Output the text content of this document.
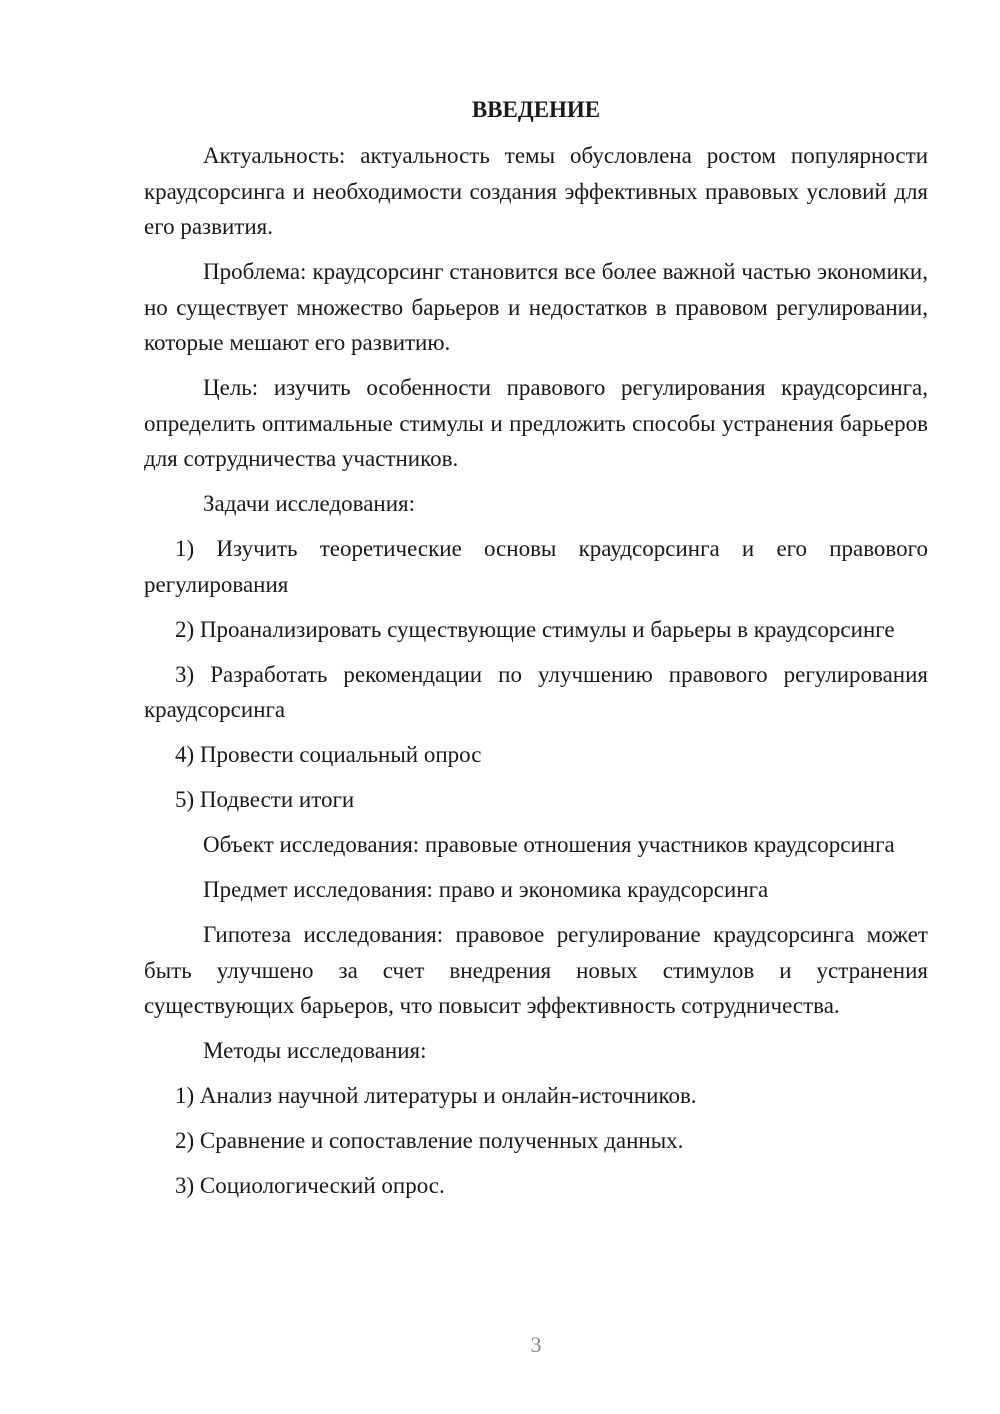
ВВЕДЕНИЕ

Актуальность: актуальность темы обусловлена ростом популярности краудсорсинга и необходимости создания эффективных правовых условий для его развития.

Проблема: краудсорсинг становится все более важной частью экономики, но существует множество барьеров и недостатков в правовом регулировании, которые мешают его развитию.

Цель: изучить особенности правового регулирования краудсорсинга, определить оптимальные стимулы и предложить способы устранения барьеров для сотрудничества участников.

Задачи исследования:

1) Изучить теоретические основы краудсорсинга и его правового регулирования

2) Проанализировать существующие стимулы и барьеры в краудсорсинге

3) Разработать рекомендации по улучшению правового регулирования краудсорсинга

4) Провести социальный опрос

5) Подвести итоги

Объект исследования: правовые отношения участников краудсорсинга

Предмет исследования: право и экономика краудсорсинга

Гипотеза исследования: правовое регулирование краудсорсинга может быть улучшено за счет внедрения новых стимулов и устранения существующих барьеров, что повысит эффективность сотрудничества.

Методы исследования:

1) Анализ научной литературы и онлайн-источников.

2) Сравнение и сопоставление полученных данных.

3) Социологический опрос.

3
